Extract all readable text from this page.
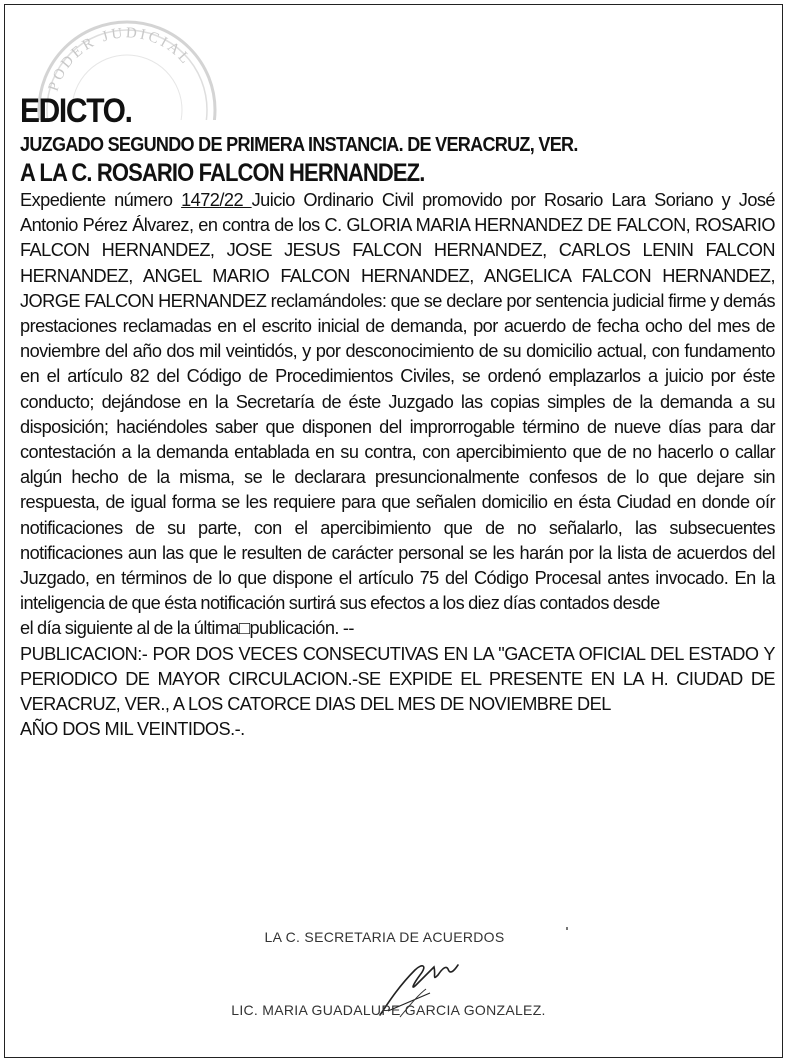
PODER JUDICIAL
EDICTO.
JUZGADO SEGUNDO DE PRIMERA INSTANCIA. DE VERACRUZ, VER.
A LA C. ROSARIO FALCON HERNANDEZ.

Expediente número 1472/22 Juicio Ordinario Civil promovido por Rosario Lara Soriano y José Antonio Pérez Álvarez, en contra de los C. GLORIA MARIA HERNANDEZ DE FALCON, ROSARIO FALCON HERNANDEZ, JOSE JESUS FALCON HERNANDEZ, CARLOS LENIN FALCON HERNANDEZ, ANGEL MARIO FALCON HERNANDEZ, ANGELICA FALCON HERNANDEZ, JORGE FALCON HERNANDEZ reclamándoles: que se declare por sentencia judicial firme y demás prestaciones reclamadas en el escrito inicial de demanda, por acuerdo de fecha ocho del mes de noviembre del año dos mil veintidós, y por desconocimiento de su domicilio actual, con fundamento en el artículo 82 del Código de Procedimientos Civiles, se ordenó emplazarlos a juicio por éste conducto; dejándose en la Secretaría de éste Juzgado las copias simples de la demanda a su disposición; haciéndoles saber que disponen del improrrogable término de nueve días para dar contestación a la demanda entablada en su contra, con apercibimiento que de no hacerlo o callar algún hecho de la misma, se le declarara presuncionalmente confesos de lo que dejare sin respuesta, de igual forma se les requiere para que señalen domicilio en ésta Ciudad en donde oír notificaciones de su parte, con el apercibimiento que de no señalarlo, las subsecuentes notificaciones aun las que le resulten de carácter personal se les harán por la lista de acuerdos del Juzgado, en términos de lo que dispone el artículo 75 del Código Procesal antes invocado. En la inteligencia de que ésta notificación surtirá sus efectos a los diez días contados desde
el día siguiente al de la última□publicación. --

PUBLICACION:- POR DOS VECES CONSECUTIVAS EN LA "GACETA OFICIAL DEL ESTADO Y PERIODICO DE MAYOR CIRCULACION.-SE EXPIDE EL PRESENTE EN LA H. CIUDAD DE VERACRUZ, VER., A LOS CATORCE DIAS DEL MES DE NOVIEMBRE DEL
AÑO DOS MIL VEINTIDOS.-.

LA C. SECRETARIA DE ACUERDOS
LIC. MARIA GUADALUPE GARCIA GONZALEZ.
